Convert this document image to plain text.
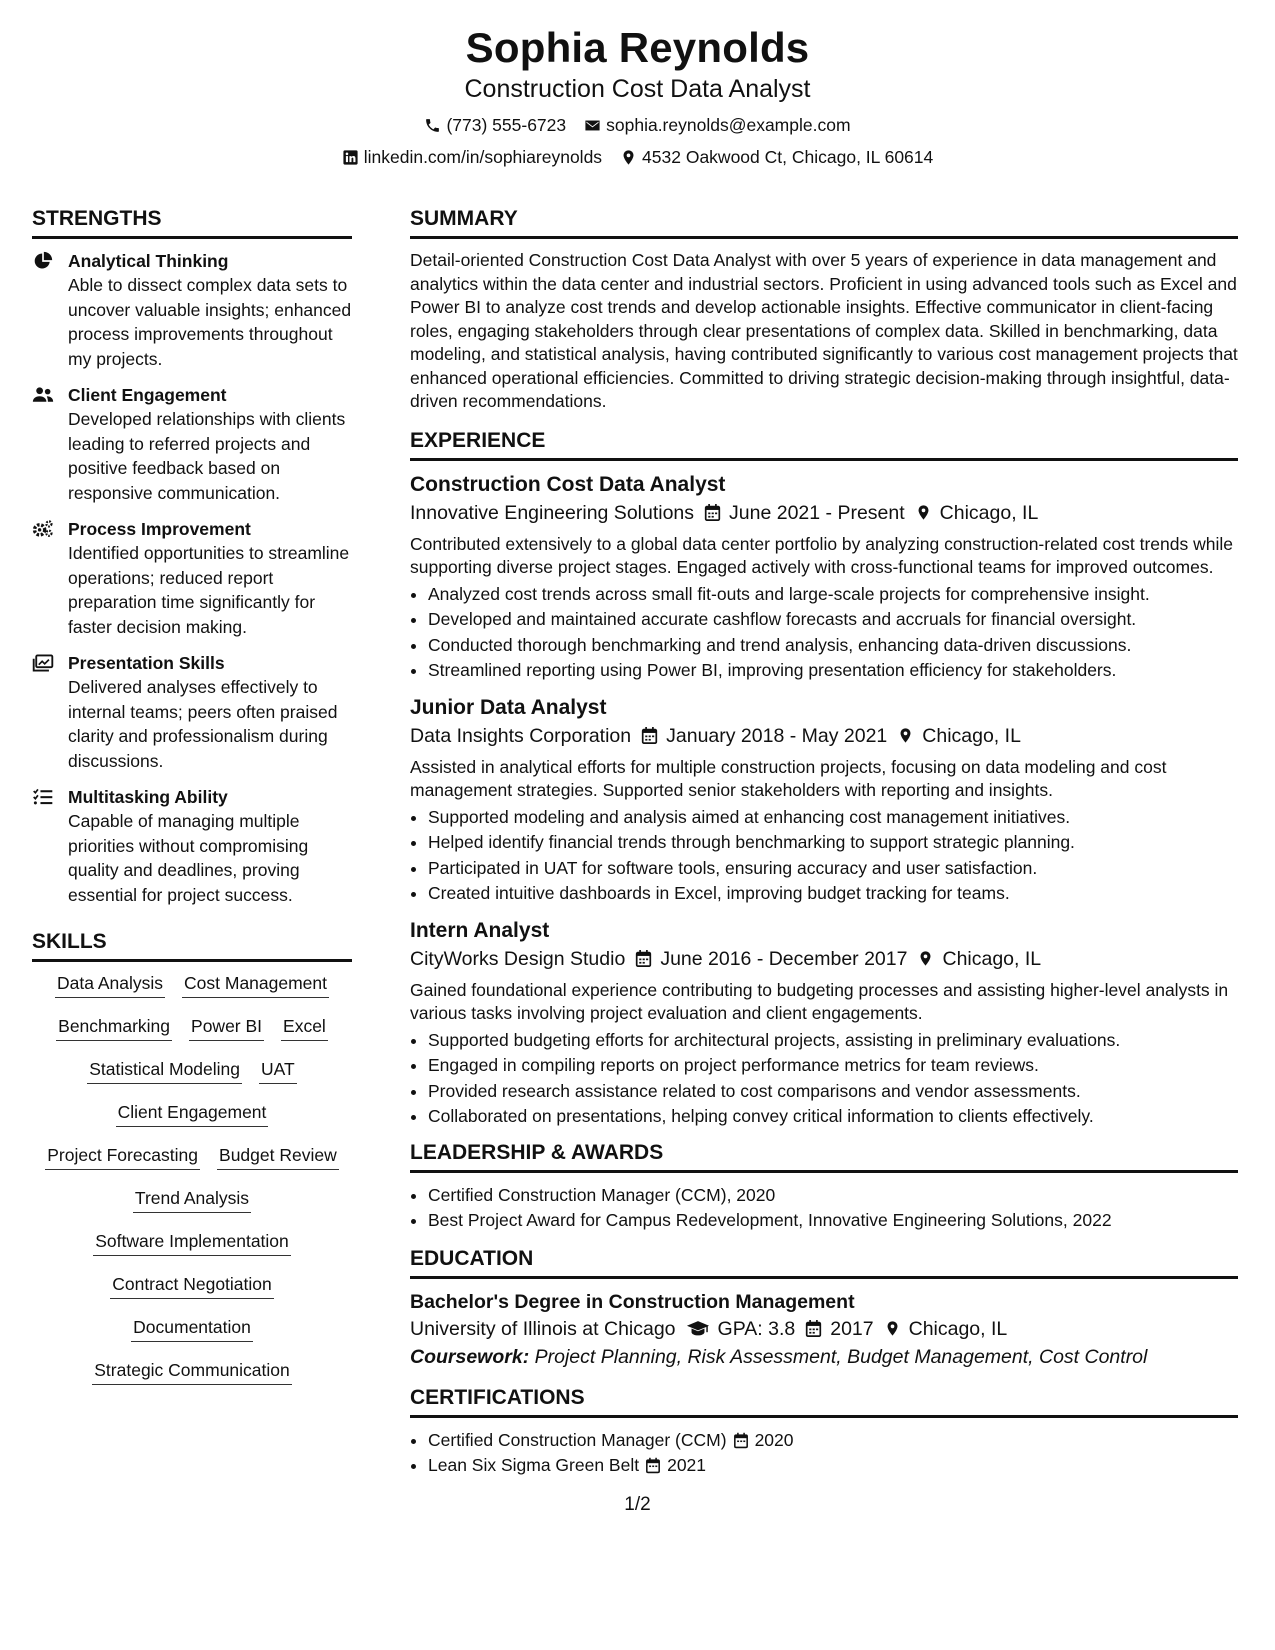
Sophia Reynolds
Construction Cost Data Analyst
(773) 555-6723 sophia.reynolds@example.com
linkedin.com/in/sophiareynolds 4532 Oakwood Ct, Chicago, IL 60614
STRENGTHS
Analytical Thinking
Able to dissect complex data sets to uncover valuable insights; enhanced process improvements throughout my projects.
Client Engagement
Developed relationships with clients leading to referred projects and positive feedback based on responsive communication.
Process Improvement
Identified opportunities to streamline operations; reduced report preparation time significantly for faster decision making.
Presentation Skills
Delivered analyses effectively to internal teams; peers often praised clarity and professionalism during discussions.
Multitasking Ability
Capable of managing multiple priorities without compromising quality and deadlines, proving essential for project success.
SKILLS
Data Analysis Cost Management
Benchmarking Power BI Excel
Statistical Modeling UAT
Client Engagement
Project Forecasting Budget Review
Trend Analysis
Software Implementation
Contract Negotiation
Documentation
Strategic Communication
SUMMARY
Detail-oriented Construction Cost Data Analyst with over 5 years of experience in data management and analytics within the data center and industrial sectors. Proficient in using advanced tools such as Excel and Power BI to analyze cost trends and develop actionable insights. Effective communicator in client-facing roles, engaging stakeholders through clear presentations of complex data. Skilled in benchmarking, data modeling, and statistical analysis, having contributed significantly to various cost management projects that enhanced operational efficiencies. Committed to driving strategic decision-making through insightful, data-driven recommendations.
EXPERIENCE
Construction Cost Data Analyst
Innovative Engineering Solutions June 2021 - Present Chicago, IL
Contributed extensively to a global data center portfolio by analyzing construction-related cost trends while supporting diverse project stages. Engaged actively with cross-functional teams for improved outcomes.
• Analyzed cost trends across small fit-outs and large-scale projects for comprehensive insight.
• Developed and maintained accurate cashflow forecasts and accruals for financial oversight.
• Conducted thorough benchmarking and trend analysis, enhancing data-driven discussions.
• Streamlined reporting using Power BI, improving presentation efficiency for stakeholders.
Junior Data Analyst
Data Insights Corporation January 2018 - May 2021 Chicago, IL
Assisted in analytical efforts for multiple construction projects, focusing on data modeling and cost management strategies. Supported senior stakeholders with reporting and insights.
• Supported modeling and analysis aimed at enhancing cost management initiatives.
• Helped identify financial trends through benchmarking to support strategic planning.
• Participated in UAT for software tools, ensuring accuracy and user satisfaction.
• Created intuitive dashboards in Excel, improving budget tracking for teams.
Intern Analyst
CityWorks Design Studio June 2016 - December 2017 Chicago, IL
Gained foundational experience contributing to budgeting processes and assisting higher-level analysts in various tasks involving project evaluation and client engagements.
• Supported budgeting efforts for architectural projects, assisting in preliminary evaluations.
• Engaged in compiling reports on project performance metrics for team reviews.
• Provided research assistance related to cost comparisons and vendor assessments.
• Collaborated on presentations, helping convey critical information to clients effectively.
LEADERSHIP & AWARDS
• Certified Construction Manager (CCM), 2020
• Best Project Award for Campus Redevelopment, Innovative Engineering Solutions, 2022
EDUCATION
Bachelor's Degree in Construction Management
University of Illinois at Chicago GPA: 3.8 2017 Chicago, IL
Coursework: Project Planning, Risk Assessment, Budget Management, Cost Control
CERTIFICATIONS
• Certified Construction Manager (CCM) 2020
• Lean Six Sigma Green Belt 2021
1/2
